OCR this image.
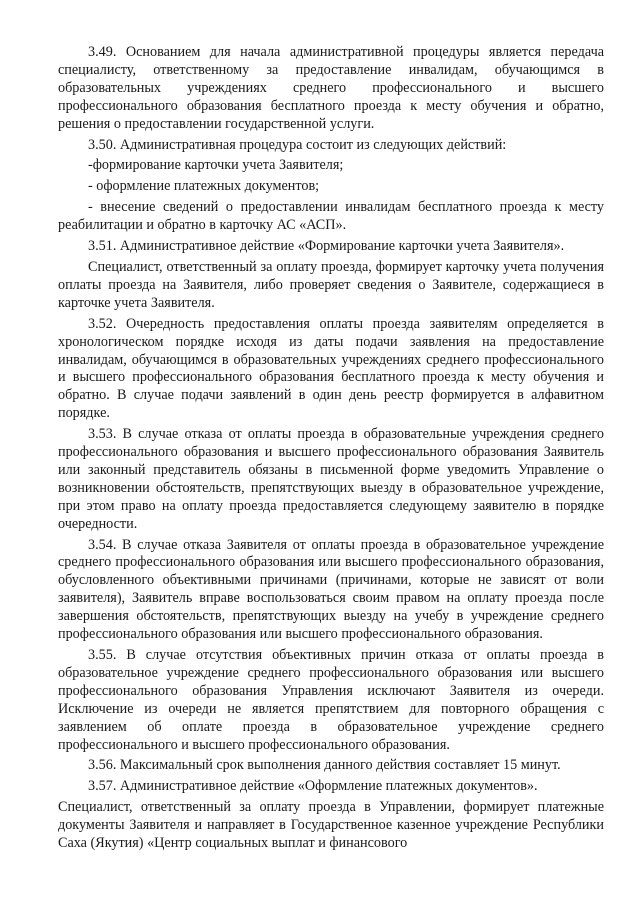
3.49. Основанием для начала административной процедуры является передача специалисту, ответственному за предоставление инвалидам, обучающимся в образовательных учреждениях среднего профессионального и высшего профессионального образования бесплатного проезда к месту обучения и обратно, решения о предоставлении государственной услуги.

3.50. Административная процедура состоит из следующих действий:

-формирование карточки учета Заявителя;

- оформление платежных документов;

- внесение сведений о предоставлении инвалидам бесплатного проезда к месту реабилитации и обратно в карточку АС «АСП».

3.51. Административное действие «Формирование карточки учета Заявителя».

Специалист, ответственный за оплату проезда, формирует карточку учета получения оплаты проезда на Заявителя, либо проверяет сведения о Заявителе, содержащиеся в карточке учета Заявителя.

3.52. Очередность предоставления оплаты проезда заявителям определяется в хронологическом порядке исходя из даты подачи заявления на предоставление инвалидам, обучающимся в образовательных учреждениях среднего профессионального и высшего профессионального образования бесплатного проезда к месту обучения и обратно. В случае подачи заявлений в один день реестр формируется в алфавитном порядке.

3.53. В случае отказа от оплаты проезда в образовательные учреждения среднего профессионального образования и высшего профессионального образования Заявитель или законный представитель обязаны в письменной форме уведомить Управление о возникновении обстоятельств, препятствующих выезду в образовательное учреждение, при этом право на оплату проезда предоставляется следующему заявителю в порядке очередности.

3.54. В случае отказа Заявителя от оплаты проезда в образовательное учреждение среднего профессионального образования или высшего профессионального образования, обусловленного объективными причинами (причинами, которые не зависят от воли заявителя), Заявитель вправе воспользоваться своим правом на оплату проезда после завершения обстоятельств, препятствующих выезду на учебу в учреждение среднего профессионального образования или высшего профессионального образования.

3.55. В случае отсутствия объективных причин отказа от оплаты проезда в образовательное учреждение среднего профессионального образования или высшего профессионального образования Управления исключают Заявителя из очереди. Исключение из очереди не является препятствием для повторного обращения с заявлением об оплате проезда в образовательное учреждение среднего профессионального и высшего профессионального образования.

3.56. Максимальный срок выполнения данного действия составляет 15 минут.

3.57. Административное действие «Оформление платежных документов».

Специалист, ответственный за оплату проезда в Управлении, формирует платежные документы Заявителя и направляет в Государственное казенное учреждение Республики Саха (Якутия) «Центр социальных выплат и финансового
